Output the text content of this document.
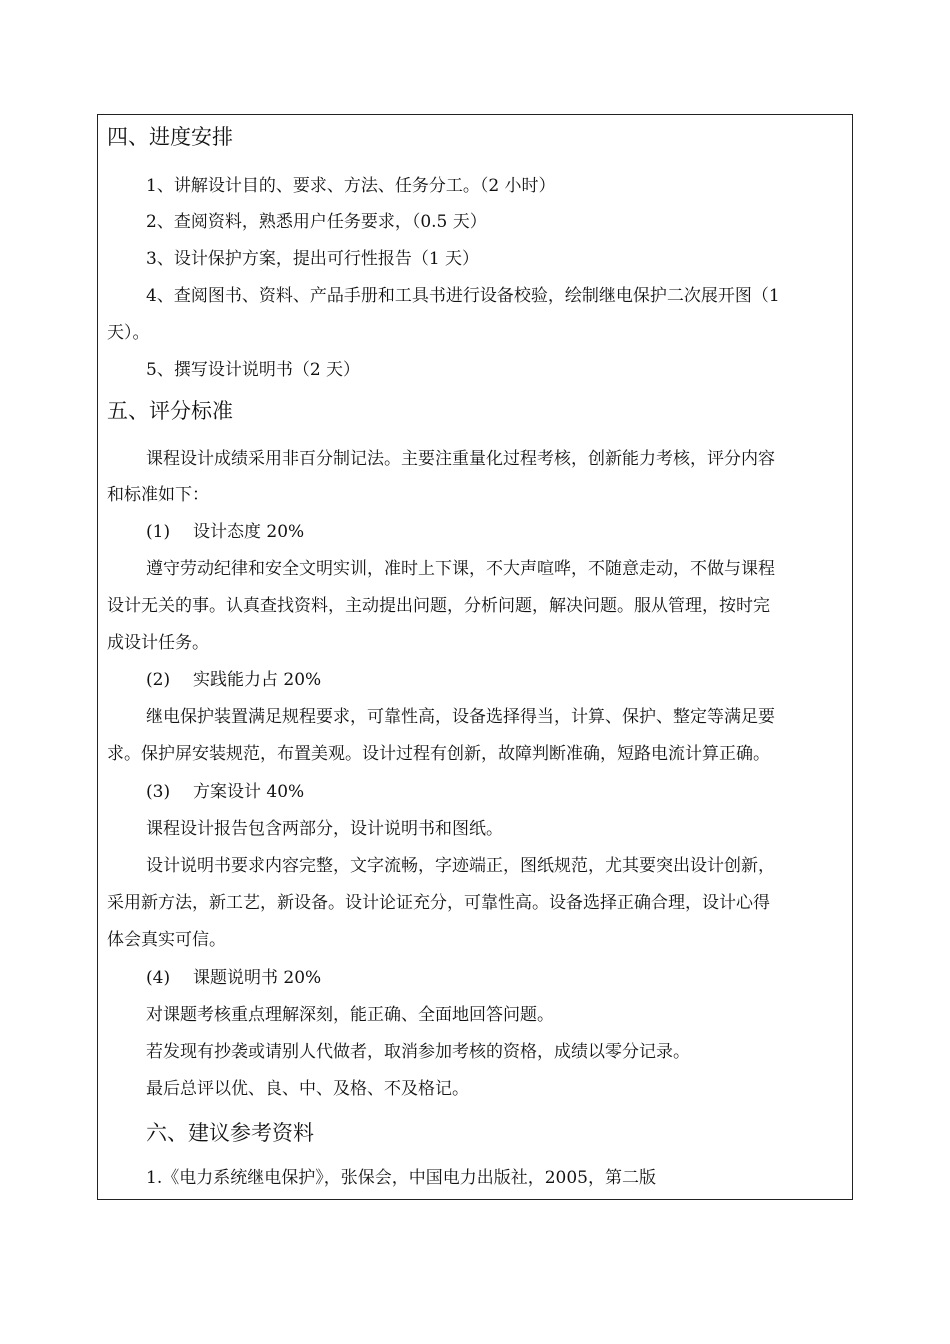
四、进度安排
1、讲解设计目的、要求、方法、任务分工。（2 小时）
2、查阅资料，熟悉用户任务要求，（0.5 天）
3、设计保护方案，提出可行性报告（1 天）
4、查阅图书、资料、产品手册和工具书进行设备校验，绘制继电保护二次展开图（1
天）。
5、撰写设计说明书（2 天）
五、评分标准
课程设计成绩采用非百分制记法。主要注重量化过程考核，创新能力考核，评分内容
和标准如下：
(1) 设计态度 20%
遵守劳动纪律和安全文明实训，准时上下课，不大声喧哗，不随意走动，不做与课程
设计无关的事。认真查找资料，主动提出问题，分析问题，解决问题。服从管理，按时完
成设计任务。
(2) 实践能力占 20%
继电保护装置满足规程要求，可靠性高，设备选择得当，计算、保护、整定等满足要
求。保护屏安装规范，布置美观。设计过程有创新，故障判断准确，短路电流计算正确。
(3) 方案设计 40%
课程设计报告包含两部分，设计说明书和图纸。
设计说明书要求内容完整，文字流畅，字迹端正，图纸规范，尤其要突出设计创新，
采用新方法，新工艺，新设备。设计论证充分，可靠性高。设备选择正确合理，设计心得
体会真实可信。
(4) 课题说明书 20%
对课题考核重点理解深刻，能正确、全面地回答问题。
若发现有抄袭或请别人代做者，取消参加考核的资格，成绩以零分记录。
最后总评以优、良、中、及格、不及格记。
六、建议参考资料
1.《电力系统继电保护》，张保会，中国电力出版社，2005，第二版
